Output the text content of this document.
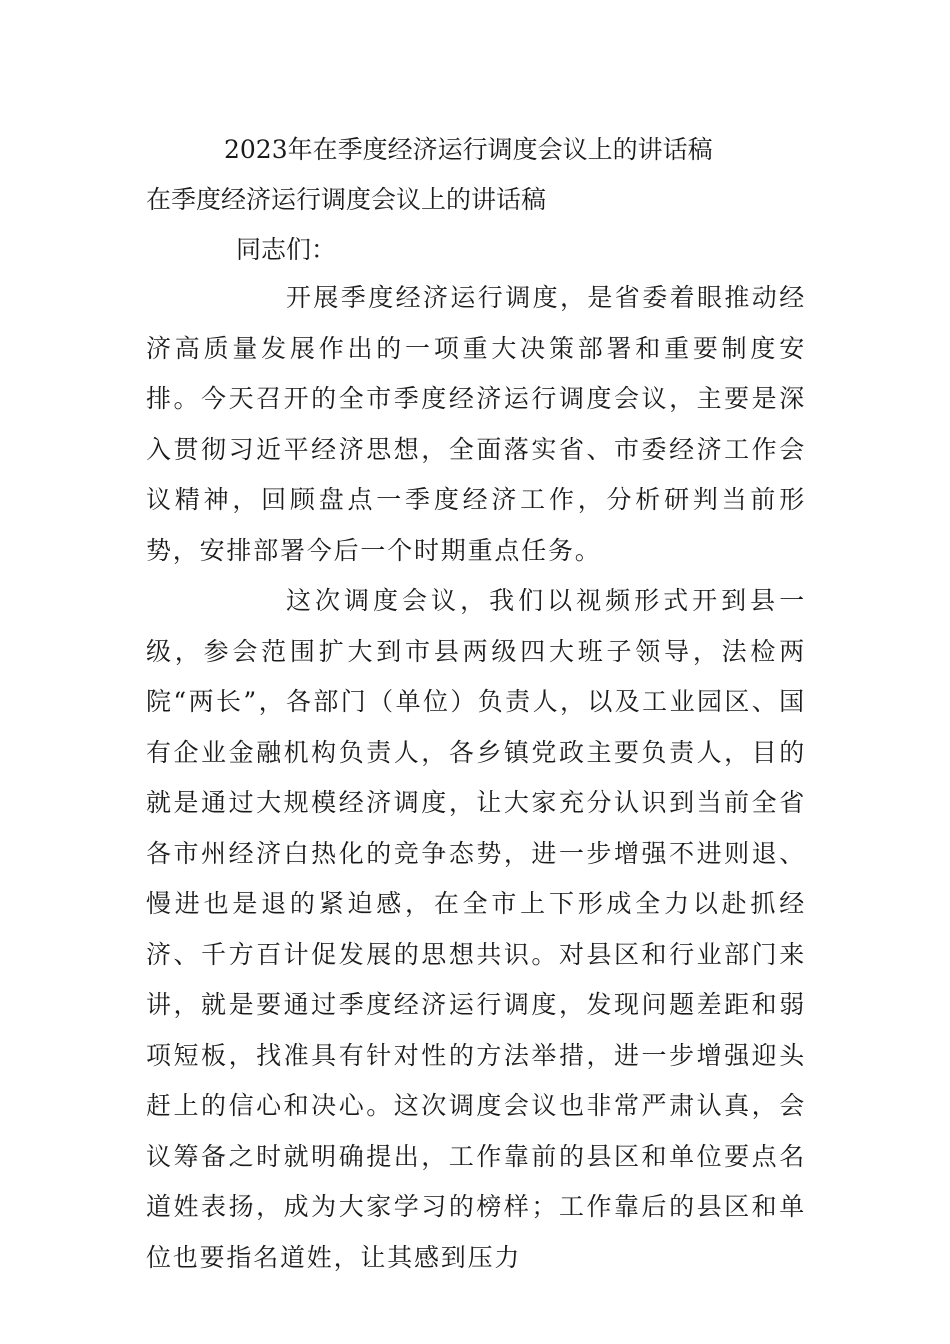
2023年在季度经济运行调度会议上的讲话稿
在季度经济运行调度会议上的讲话稿
同志们：

开展季度经济运行调度，是省委着眼推动经济高质量发展作出的一项重大决策部署和重要制度安排。今天召开的全市季度经济运行调度会议，主要是深入贯彻习近平经济思想，全面落实省、市委经济工作会议精神，回顾盘点一季度经济工作，分析研判当前形势，安排部署今后一个时期重点任务。

这次调度会议，我们以视频形式开到县一级，参会范围扩大到市县两级四大班子领导，法检两院“两长”，各部门（单位）负责人，以及工业园区、国有企业金融机构负责人，各乡镇党政主要负责人，目的就是通过大规模经济调度，让大家充分认识到当前全省各市州经济白热化的竞争态势，进一步增强不进则退、慢进也是退的紧迫感，在全市上下形成全力以赴抓经济、千方百计促发展的思想共识。对县区和行业部门来讲，就是要通过季度经济运行调度，发现问题差距和弱项短板，找准具有针对性的方法举措，进一步增强迎头赶上的信心和决心。这次调度会议也非常严肃认真，会议筹备之时就明确提出，工作靠前的县区和单位要点名道姓表扬，成为大家学习的榜样；工作靠后的县区和单位也要指名道姓，让其感到压力
